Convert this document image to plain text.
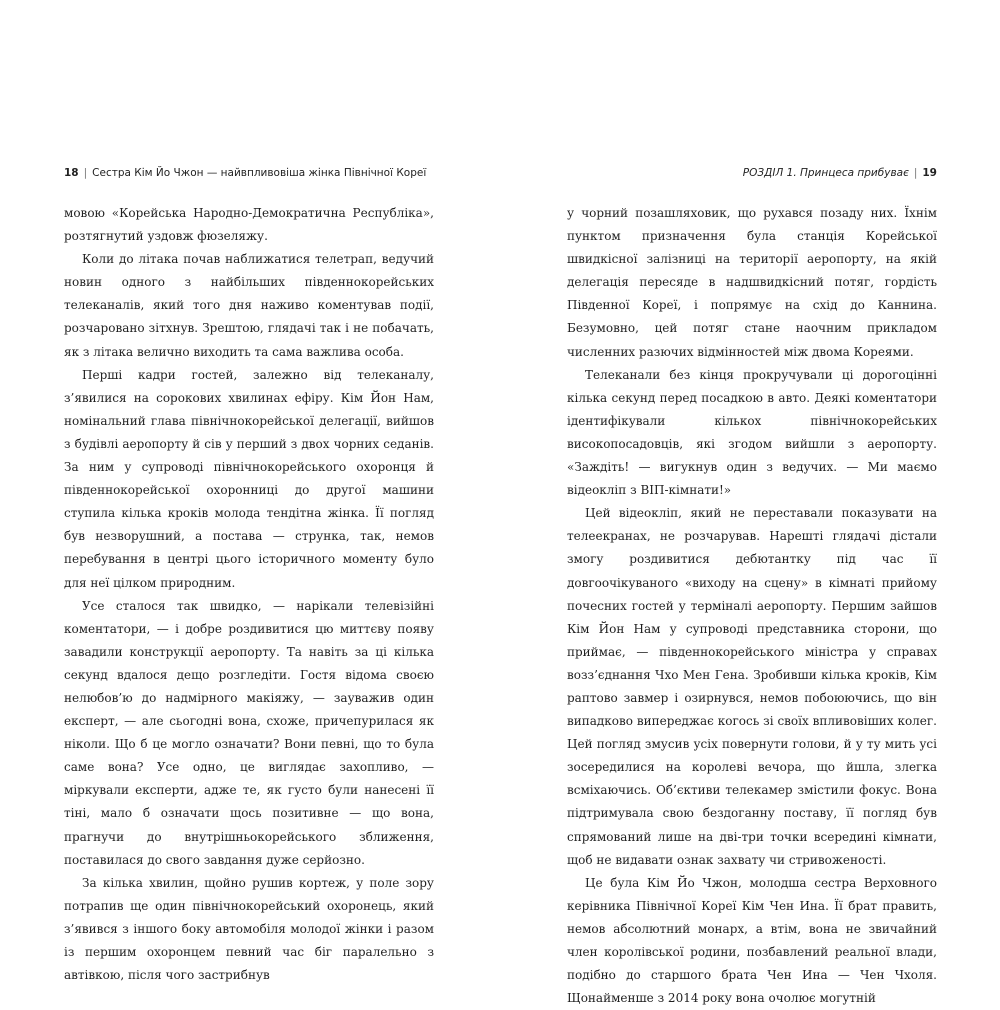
18 | Сестра Кім Йо Чжон — найвпливовіша жінка Північної Кореї

мовою «Корейська Народно-Демократична Республіка», розтягнутий уздовж фюзеляжу.

Коли до літака почав наближатися телетрап, ведучий новин одного з найбільших південнокорейських телеканалів, який того дня наживо коментував події, розчаровано зітхнув. Зрештою, глядачі так і не побачать, як з літака велично виходить та сама важлива особа.

Перші кадри гостей, залежно від телеканалу, з’явилися на сорокових хвилинах ефіру. Кім Йон Нам, номінальний глава північнокорейської делегації, вийшов з будівлі аеропорту й сів у перший з двох чорних седанів. За ним у супроводі північнокорейського охоронця й південнокорейської охоронниці до другої машини ступила кілька кроків молода тендітна жінка. Її погляд був незворушний, а постава — струнка, так, немов перебування в центрі цього історичного моменту було для неї цілком природним.

Усе сталося так швидко, — нарікали телевізійні коментатори, — і добре роздивитися цю миттєву появу завадили конструкції аеропорту. Та навіть за ці кілька секунд вдалося дещо розгледіти. Гостя відома своєю нелюбов’ю до надмірного макіяжу, — зауважив один експерт, — але сьогодні вона, схоже, причепурилася як ніколи. Що б це могло означати? Вони певні, що то була саме вона? Усе одно, це виглядає захопливо, — міркували експерти, адже те, як густо були нанесені її тіні, мало б означати щось позитивне — що вона, прагнучи до внутрішньокорейського зближення, поставилася до свого завдання дуже серйозно.

За кілька хвилин, щойно рушив кортеж, у поле зору потрапив ще один північнокорейський охоронець, який з’явився з іншого боку автомобіля молодої жінки і разом із першим охоронцем певний час біг паралельно з автівкою, після чого застрибнув

РОЗДІЛ 1. Принцеса прибуває | 19

у чорний позашляховик, що рухався позаду них. Їхнім пунктом призначення була станція Корейської швидкісної залізниці на території аеропорту, на якій делегація пересяде в надшвидкісний потяг, гордість Південної Кореї, і попрямує на схід до Каннина. Безумовно, цей потяг стане наочним прикладом численних разючих відмінностей між двома Кореями.

Телеканали без кінця прокручували ці дорогоцінні кілька секунд перед посадкою в авто. Деякі коментатори ідентифікували кількох північнокорейських високопосадовців, які згодом вийшли з аеропорту. «Заждіть! — вигукнув один з ведучих. — Ми маємо відеокліп з ВІП-кімнати!»

Цей відеокліп, який не переставали показувати на телеекранах, не розчарував. Нарешті глядачі дістали змогу роздивитися дебютантку під час її довгоочікуваного «виходу на сцену» в кімнаті прийому почесних гостей у терміналі аеропорту. Першим зайшов Кім Йон Нам у супроводі представника сторони, що приймає, — південнокорейського міністра у справах возз’єднання Чхо Мен Гена. Зробивши кілька кроків, Кім раптово завмер і озирнувся, немов побоюючись, що він випадково випереджає когось зі своїх впливовіших колег. Цей погляд змусив усіх повернути голови, й у ту мить усі зосередилися на королеві вечора, що йшла, злегка всміхаючись. Об’єктиви телекамер змістили фокус. Вона підтримувала свою бездоганну поставу, її погляд був спрямований лише на дві-три точки всередині кімнати, щоб не видавати ознак захвату чи стривоженості.

Це була Кім Йо Чжон, молодша сестра Верховного керівника Північної Кореї Кім Чен Ина. Її брат править, немов абсолютний монарх, а втім, вона не звичайний член королівської родини, позбавлений реальної влади, подібно до старшого брата Чен Ина — Чен Чхоля. Щонайменше з 2014 року вона очолює могутній
